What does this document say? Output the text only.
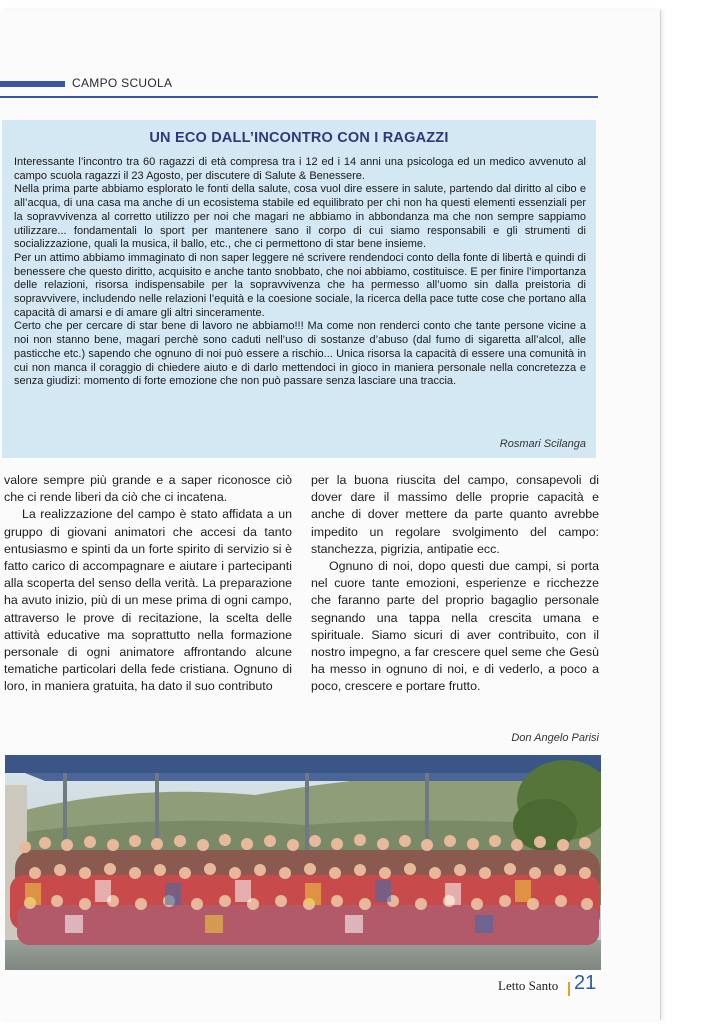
CAMPO SCUOLA
UN ECO DALL’INCONTRO CON I RAGAZZI

Interessante l’incontro tra 60 ragazzi di età compresa tra i 12 ed i 14 anni una psicologa ed un medico avvenuto al campo scuola ragazzi il 23 Agosto, per discutere di Salute & Benessere.

Nella prima parte abbiamo esplorato le fonti della salute, cosa vuol dire essere in salute, partendo dal diritto al cibo e all’acqua, di una casa ma anche di un ecosistema stabile ed equilibrato per chi non ha questi elementi essenziali per la sopravvivenza al corretto utilizzo per noi che magari ne abbiamo in abbondanza ma che non sempre sappiamo utilizzare... fondamentali lo sport per mantenere sano il corpo di cui siamo responsabili e gli strumenti di socializzazione, quali la musica, il ballo, etc., che ci permettono di star bene insieme.

Per un attimo abbiamo immaginato di non saper leggere né scrivere rendendoci conto della fonte di libertà e quindi di benessere che questo diritto, acquisito e anche tanto snobbato, che noi abbiamo, costituisce. E per finire l’importanza delle relazioni, risorsa indispensabile per la sopravvivenza che ha permesso all’uomo sin dalla preistoria di sopravvivere, includendo nelle relazioni l’equità e la coesione sociale, la ricerca della pace tutte cose che portano alla capacità di amarsi e di amare gli altri sinceramente.

Certo che per cercare di star bene di lavoro ne abbiamo!!! Ma come non renderci conto che tante persone vicine a noi non stanno bene, magari perchè sono caduti nell’uso di sostanze d’abuso (dal fumo di sigaretta all’alcol, alle pasticche etc.) sapendo che ognuno di noi può essere a rischio... Unica risorsa la capacità di essere una comunità in cui non manca il coraggio di chiedere aiuto e di darlo mettendoci in gioco in maniera personale nella concretezza e senza giudizi: momento di forte emozione che non può passare senza lasciare una traccia.

Rosmari Scilanga

valore sempre più grande e a saper riconosce ciò che ci rende liberi da ciò che ci incatena.

La realizzazione del campo è stato affidata a un gruppo di giovani animatori che accesi da tanto entusiasmo e spinti da un forte spirito di servizio si è fatto carico di accompagnare e aiutare i partecipanti alla scoperta del senso della verità. La preparazione ha avuto inizio, più di un mese prima di ogni campo, attraverso le prove di recitazione, la scelta delle attività educative ma soprattutto nella formazione personale di ogni animatore affrontando alcune tematiche particolari della fede cristiana. Ognuno di loro, in maniera gratuita, ha dato il suo contributo

per la buona riuscita del campo, consapevoli di dover dare il massimo delle proprie capacità e anche di dover mettere da parte quanto avrebbe impedito un regolare svolgimento del campo: stanchezza, pigrizia, antipatie ecc.

Ognuno di noi, dopo questi due campi, si porta nel cuore tante emozioni, esperienze e ricchezze che faranno parte del proprio bagaglio personale segnando una tappa nella crescita umana e spirituale. Siamo sicuri di aver contribuito, con il nostro impegno, a far crescere quel seme che Gesù ha messo in ognuno di noi, e di vederlo, a poco a poco, crescere e portare frutto.

Don Angelo Parisi
Letto Santo 21
